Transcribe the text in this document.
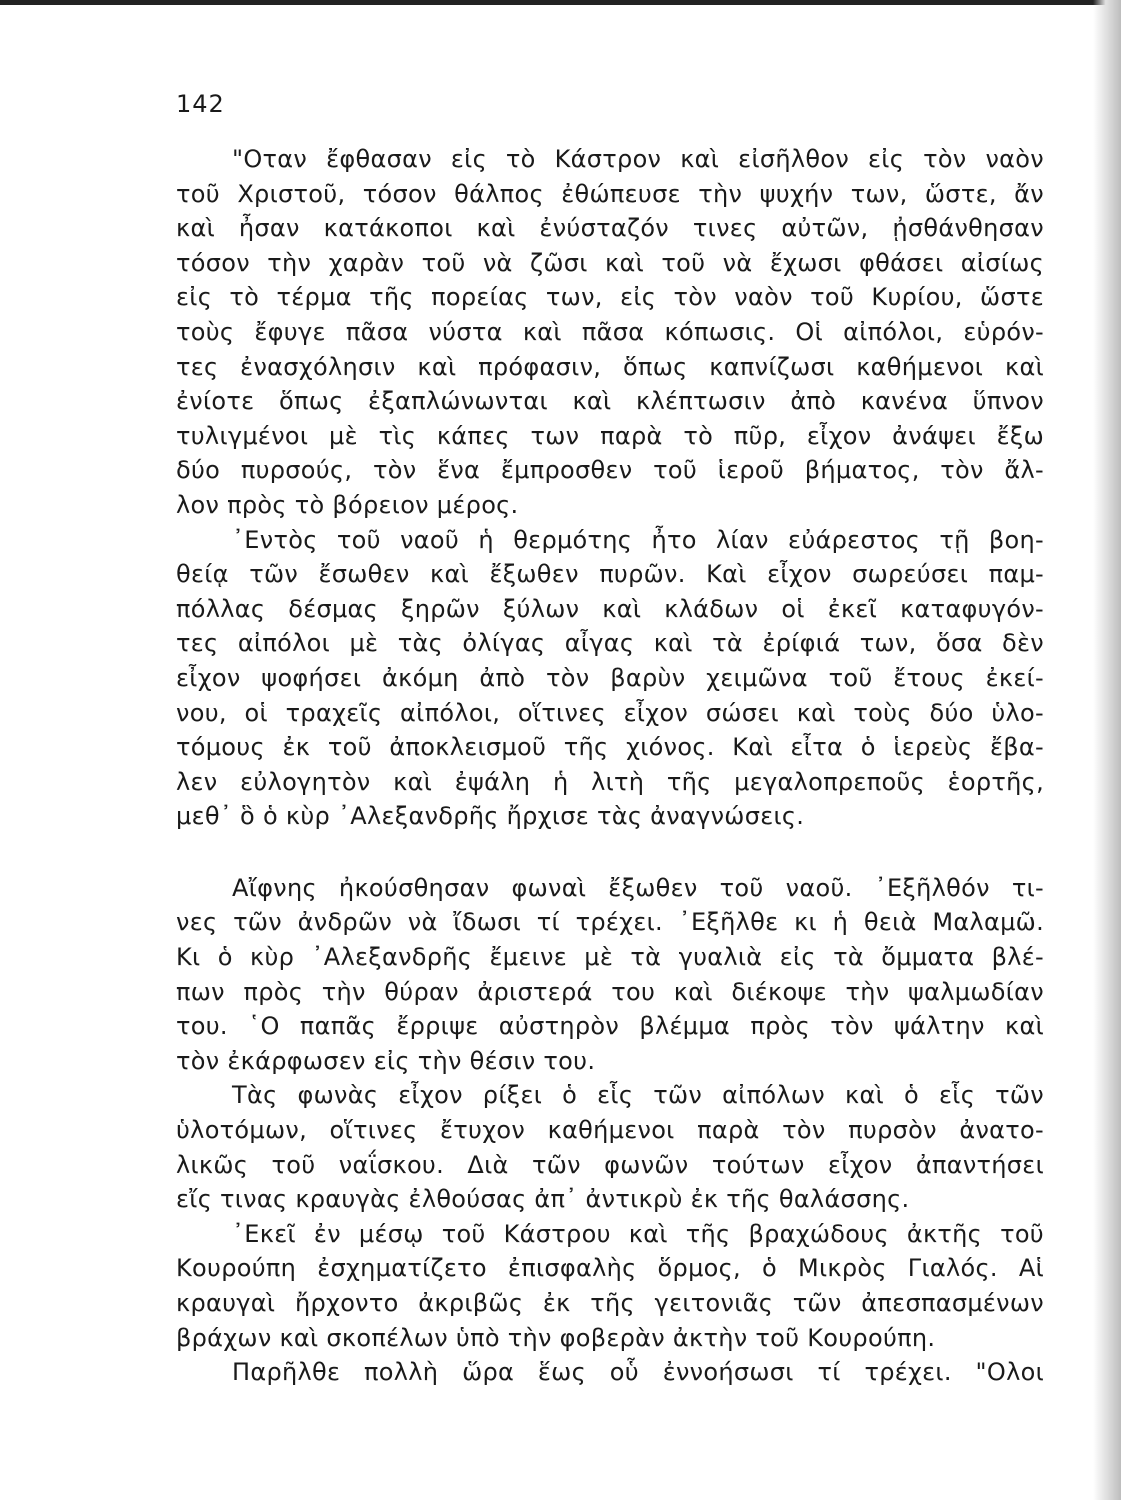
142
"Οταν ἔφθασαν εἰς τὸ Κάστρον καὶ εἰσῆλθον εἰς τὸν ναὸν
τοῦ Χριστοῦ, τόσον θάλπος ἐθώπευσε τὴν ψυχήν των, ὥστε, ἄν
καὶ ἦσαν κατάκοποι καὶ ἐνύσταζόν τινες αὐτῶν, ᾐσθάνθησαν
τόσον τὴν χαρὰν τοῦ νὰ ζῶσι καὶ τοῦ νὰ ἔχωσι φθάσει αἰσίως
εἰς τὸ τέρμα τῆς πορείας των, εἰς τὸν ναὸν τοῦ Κυρίου, ὥστε
τοὺς ἔφυγε πᾶσα νύστα καὶ πᾶσα κόπωσις. Οἱ αἰπόλοι, εὑρόν-
τες ἐνασχόλησιν καὶ πρόφασιν, ὅπως καπνίζωσι καθήμενοι καὶ
ἐνίοτε ὅπως ἐξαπλώνωνται καὶ κλέπτωσιν ἀπὸ κανένα ὕπνον
τυλιγμένοι μὲ τὶς κάπες των παρὰ τὸ πῦρ, εἶχον ἀνάψει ἔξω
δύο πυρσούς, τὸν ἕνα ἔμπροσθεν τοῦ ἱεροῦ βήματος, τὸν ἄλ-
λον πρὸς τὸ βόρειον μέρος.
᾿Εντὸς τοῦ ναοῦ ἡ θερμότης ἦτο λίαν εὐάρεστος τῇ βοη-
θείᾳ τῶν ἔσωθεν καὶ ἔξωθεν πυρῶν. Καὶ εἶχον σωρεύσει παμ-
πόλλας δέσμας ξηρῶν ξύλων καὶ κλάδων οἱ ἐκεῖ καταφυγόν-
τες αἰπόλοι μὲ τὰς ὀλίγας αἶγας καὶ τὰ ἐρίφιά των, ὅσα δὲν
εἶχον ψοφήσει ἀκόμη ἀπὸ τὸν βαρὺν χειμῶνα τοῦ ἔτους ἐκεί-
νου, οἱ τραχεῖς αἰπόλοι, οἵτινες εἶχον σώσει καὶ τοὺς δύο ὑλο-
τόμους ἐκ τοῦ ἀποκλεισμοῦ τῆς χιόνος. Καὶ εἶτα ὁ ἱερεὺς ἔβα-
λεν εὐλογητὸν καὶ ἐψάλη ἡ λιτὴ τῆς μεγαλοπρεποῦς ἑορτῆς,
μεθ᾿ ὃ ὁ κὺρ ᾿Αλεξανδρῆς ἤρχισε τὰς ἀναγνώσεις.
Αἴφνης ἠκούσθησαν φωναὶ ἔξωθεν τοῦ ναοῦ. ᾿Εξῆλθόν τι-
νες τῶν ἀνδρῶν νὰ ἴδωσι τί τρέχει. ᾿Εξῆλθε κι ἡ θειὰ Μαλαμῶ.
Κι ὁ κὺρ ᾿Αλεξανδρῆς ἔμεινε μὲ τὰ γυαλιὰ εἰς τὰ ὄμματα βλέ-
πων πρὸς τὴν θύραν ἀριστερά του καὶ διέκοψε τὴν ψαλμωδίαν
του. ῾Ο παπᾶς ἔρριψε αὐστηρὸν βλέμμα πρὸς τὸν ψάλτην καὶ
τὸν ἐκάρφωσεν εἰς τὴν θέσιν του.
Τὰς φωνὰς εἶχον ρίξει ὁ εἷς τῶν αἰπόλων καὶ ὁ εἷς τῶν
ὑλοτόμων, οἵτινες ἔτυχον καθήμενοι παρὰ τὸν πυρσὸν ἀνατο-
λικῶς τοῦ ναΐσκου. Διὰ τῶν φωνῶν τούτων εἶχον ἀπαντήσει
εἴς τινας κραυγὰς ἐλθούσας ἀπ᾿ ἀντικρὺ ἐκ τῆς θαλάσσης.
᾿Εκεῖ ἐν μέσῳ τοῦ Κάστρου καὶ τῆς βραχώδους ἀκτῆς τοῦ
Κουρούπη ἐσχηματίζετο ἐπισφαλὴς ὅρμος, ὁ Μικρὸς Γιαλός. Αἱ
κραυγαὶ ἤρχοντο ἀκριβῶς ἐκ τῆς γειτονιᾶς τῶν ἀπεσπασμένων
βράχων καὶ σκοπέλων ὑπὸ τὴν φοβερὰν ἀκτὴν τοῦ Κουρούπη.
Παρῆλθε πολλὴ ὥρα ἕως οὗ ἐννοήσωσι τί τρέχει. "Ολοι
